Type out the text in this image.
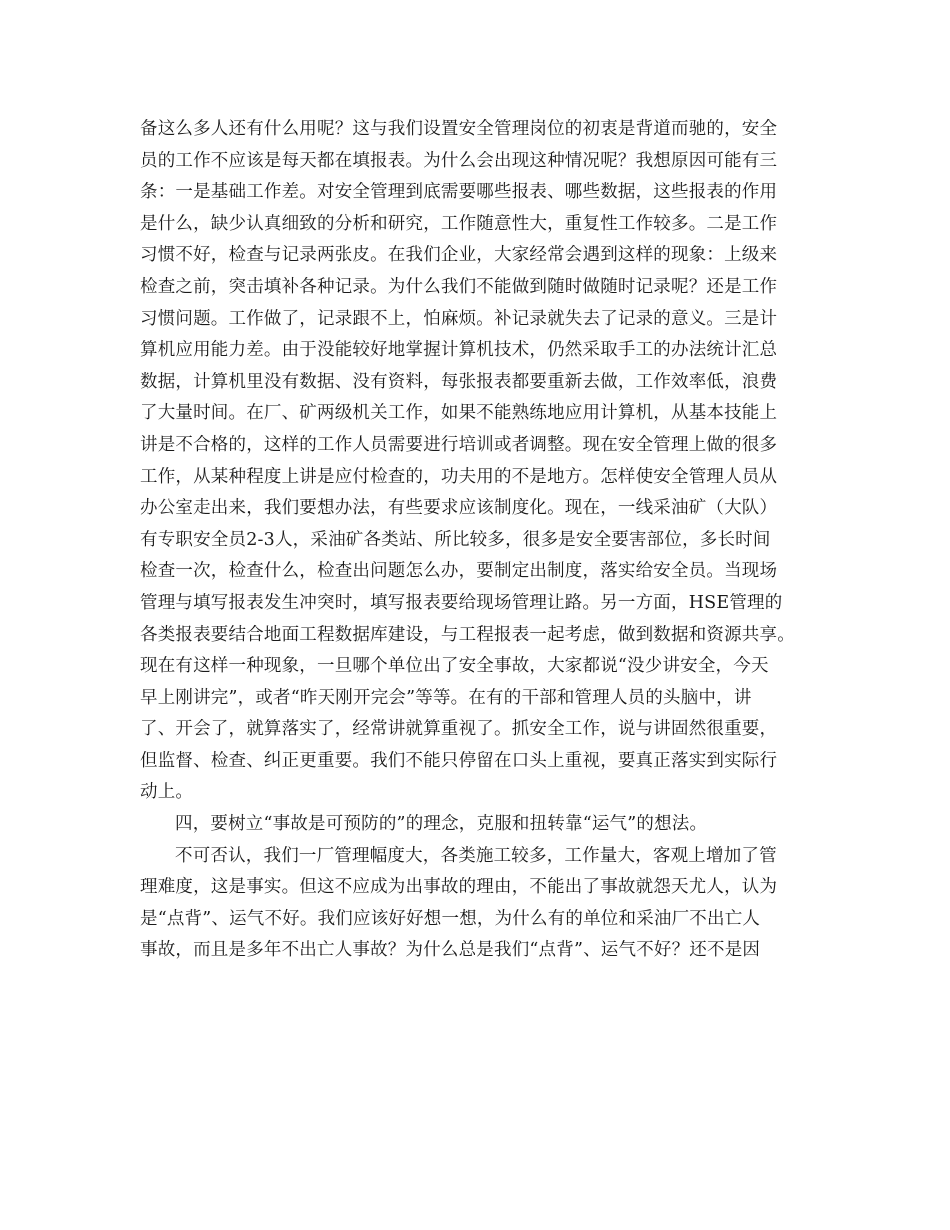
备这么多人还有什么用呢？这与我们设置安全管理岗位的初衷是背道而驰的，安全
员的工作不应该是每天都在填报表。为什么会出现这种情况呢？我想原因可能有三
条：一是基础工作差。对安全管理到底需要哪些报表、哪些数据，这些报表的作用
是什么，缺少认真细致的分析和研究，工作随意性大，重复性工作较多。二是工作
习惯不好，检查与记录两张皮。在我们企业，大家经常会遇到这样的现象：上级来
检查之前，突击填补各种记录。为什么我们不能做到随时做随时记录呢？还是工作
习惯问题。工作做了，记录跟不上，怕麻烦。补记录就失去了记录的意义。三是计
算机应用能力差。由于没能较好地掌握计算机技术，仍然采取手工的办法统计汇总
数据，计算机里没有数据、没有资料，每张报表都要重新去做，工作效率低，浪费
了大量时间。在厂、矿两级机关工作，如果不能熟练地应用计算机，从基本技能上
讲是不合格的，这样的工作人员需要进行培训或者调整。现在安全管理上做的很多
工作，从某种程度上讲是应付检查的，功夫用的不是地方。怎样使安全管理人员从
办公室走出来，我们要想办法，有些要求应该制度化。现在，一线采油矿（大队）
有专职安全员2-3人，采油矿各类站、所比较多，很多是安全要害部位，多长时间
检查一次，检查什么，检查出问题怎么办，要制定出制度，落实给安全员。当现场
管理与填写报表发生冲突时，填写报表要给现场管理让路。另一方面，HSE管理的
各类报表要结合地面工程数据库建设，与工程报表一起考虑，做到数据和资源共享。
现在有这样一种现象，一旦哪个单位出了安全事故，大家都说“没少讲安全，今天
早上刚讲完”，或者“昨天刚开完会”等等。在有的干部和管理人员的头脑中，讲
了、开会了，就算落实了，经常讲就算重视了。抓安全工作，说与讲固然很重要，
但监督、检查、纠正更重要。我们不能只停留在口头上重视，要真正落实到实际行
动上。
四，要树立“事故是可预防的”的理念，克服和扭转靠“运气”的想法。
不可否认，我们一厂管理幅度大，各类施工较多，工作量大，客观上增加了管
理难度，这是事实。但这不应成为出事故的理由，不能出了事故就怨天尤人，认为
是“点背”、运气不好。我们应该好好想一想，为什么有的单位和采油厂不出亡人
事故，而且是多年不出亡人事故？为什么总是我们“点背”、运气不好？还不是因
